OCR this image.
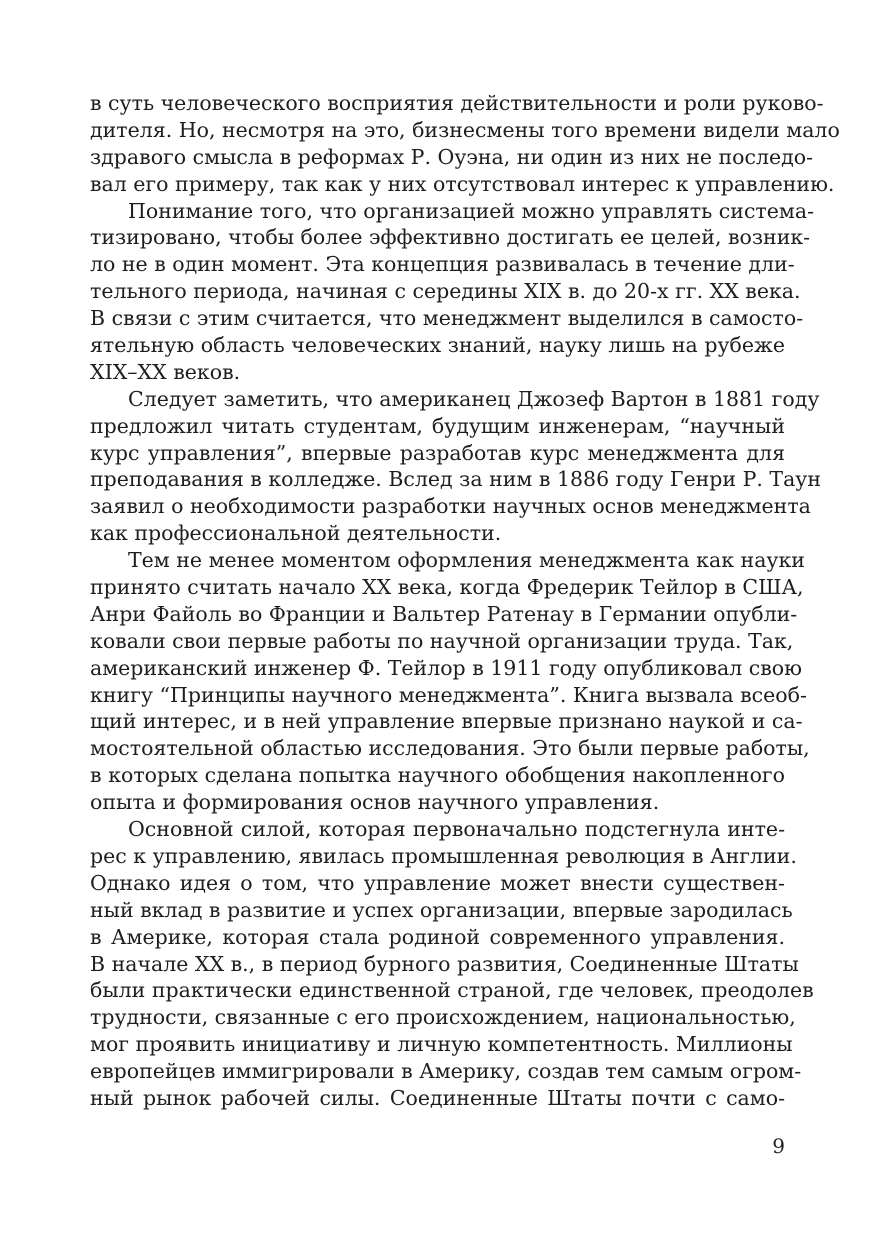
в суть человеческого восприятия действительности и роли руково-
дителя. Но, несмотря на это, бизнесмены того времени видели мало
здравого смысла в реформах Р. Оуэна, ни один из них не последо-
вал его примеру, так как у них отсутствовал интерес к управлению.
Понимание того, что организацией можно управлять система-
тизировано, чтобы более эффективно достигать ее целей, возник-
ло не в один момент. Эта концепция развивалась в течение дли-
тельного периода, начиная с середины XIX в. до 20-х гг. XX века.
В связи с этим считается, что менеджмент выделился в самосто-
ятельную область человеческих знаний, науку лишь на рубеже
XIX–XX веков.
Следует заметить, что американец Джозеф Вартон в 1881 году
предложил читать студентам, будущим инженерам, “научный
курс управления”, впервые разработав курс менеджмента для
преподавания в колледже. Вслед за ним в 1886 году Генри Р. Таун
заявил о необходимости разработки научных основ менеджмента
как профессиональной деятельности.
Тем не менее моментом оформления менеджмента как науки
принято считать начало XX века, когда Фредерик Тейлор в США,
Анри Файоль во Франции и Вальтер Ратенау в Германии опубли-
ковали свои первые работы по научной организации труда. Так,
американский инженер Ф. Тейлор в 1911 году опубликовал свою
книгу “Принципы научного менеджмента”. Книга вызвала всеоб-
щий интерес, и в ней управление впервые признано наукой и са-
мостоятельной областью исследования. Это были первые работы,
в которых сделана попытка научного обобщения накопленного
опыта и формирования основ научного управления.
Основной силой, которая первоначально подстегнула инте-
рес к управлению, явилась промышленная революция в Англии.
Однако идея о том, что управление может внести существен-
ный вклад в развитие и успех организации, впервые зародилась
в Америке, которая стала родиной современного управления.
В начале XX в., в период бурного развития, Соединенные Штаты
были практически единственной страной, где человек, преодолев
трудности, связанные с его происхождением, национальностью,
мог проявить инициативу и личную компетентность. Миллионы
европейцев иммигрировали в Америку, создав тем самым огром-
ный рынок рабочей силы. Соединенные Штаты почти с само-
9
